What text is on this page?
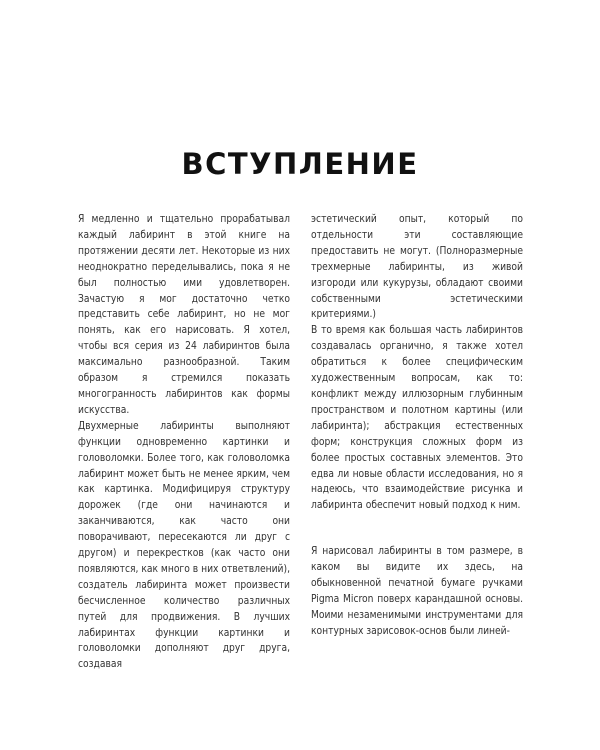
ВСТУПЛЕНИЕ

Я медленно и тщательно прорабатывал каждый лабиринт в этой книге на протяжении десяти лет. Некоторые из них неоднократно переделывались, пока я не был полностью ими удовлетворен. Зачастую я мог достаточно четко представить себе лабиринт, но не мог понять, как его нарисовать. Я хотел, чтобы вся серия из 24 лабиринтов была максимально разнообразной. Таким образом я стремился показать многогранность лабиринтов как формы искусства.

Двухмерные лабиринты выполняют функции одновременно картинки и головоломки. Более того, как головоломка лабиринт может быть не менее ярким, чем как картинка. Модифицируя структуру дорожек (где они начинаются и заканчиваются, как часто они поворачивают, пересекаются ли друг с другом) и перекрестков (как часто они появляются, как много в них ответвлений), создатель лабиринта может произвести бесчисленное количество различных путей для продвижения. В лучших лабиринтах функции картинки и головоломки дополняют друг друга, создавая

эстетический опыт, который по отдельности эти составляющие предоставить не могут. (Полноразмерные трехмерные лабиринты, из живой изгороди или кукурузы, обладают своими собственными эстетическими критериями.)

В то время как большая часть лабиринтов создавалась органично, я также хотел обратиться к более специфическим художественным вопросам, как то: конфликт между иллюзорным глубинным пространством и полотном картины (или лабиринта); абстракция естественных форм; конструкция сложных форм из более простых составных элементов. Это едва ли новые области исследования, но я надеюсь, что взаимодействие рисунка и лабиринта обеспечит новый подход к ним.

Я нарисовал лабиринты в том размере, в каком вы видите их здесь, на обыкновенной печатной бумаге ручками Pigma Micron поверх карандашной основы. Моими незаменимыми инструментами для контурных зарисовок-основ были линей-
